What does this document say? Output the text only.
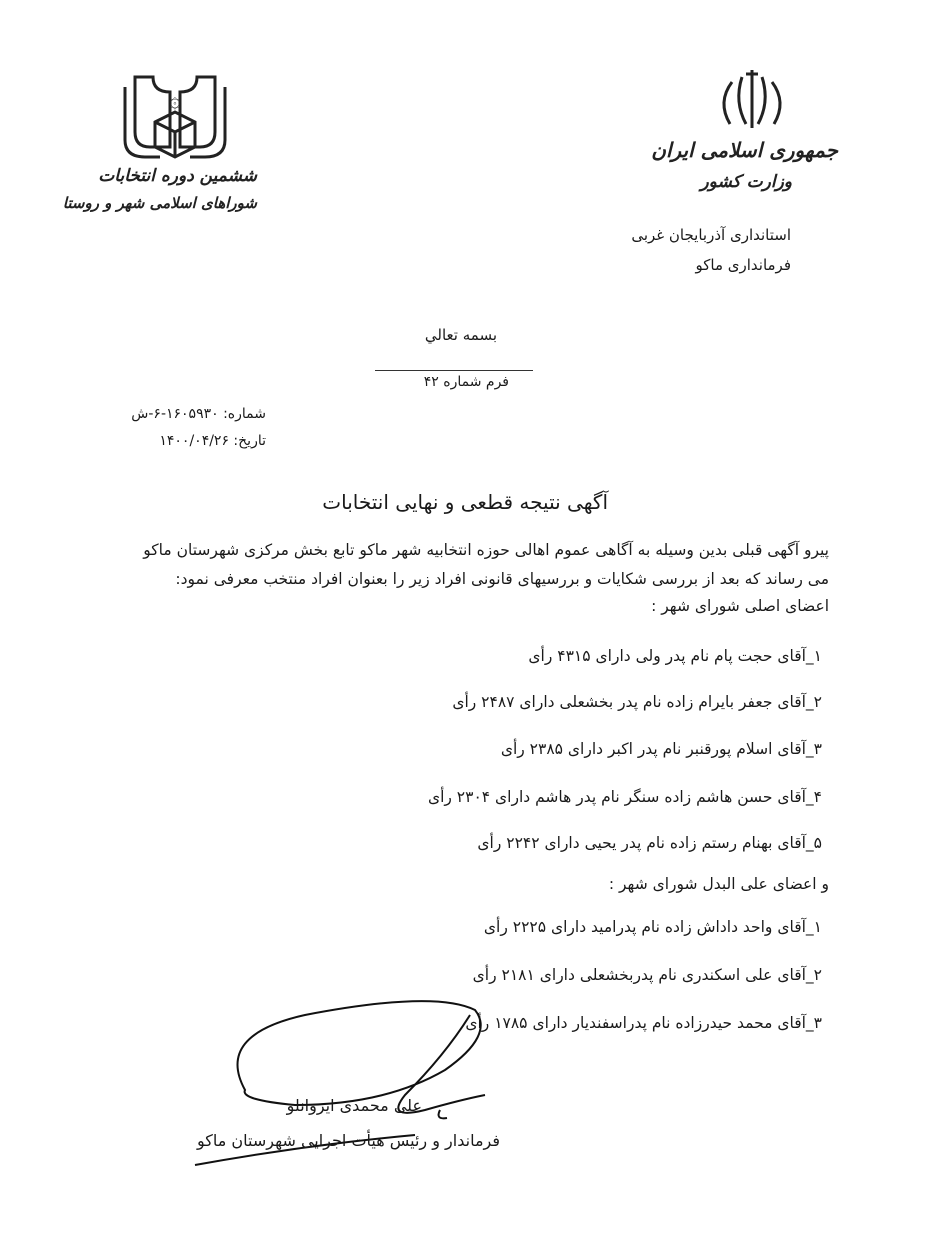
۞
ششمین دوره انتخابات
شوراهای اسلامی شهر و روستا
جمهوری اسلامی ایران
وزارت کشور
استانداری آذربایجان غربی
فرمانداری ماکو
بسمه تعالي
فرم شماره ۴۲
شماره: ۱۶۰۵۹۳۰-۶-ش
تاریخ: ۱۴۰۰/۰۴/۲۶
آگهی نتیجه قطعی و نهایی انتخابات
پیرو آگهی قبلی بدین وسیله به آگاهی عموم اهالی حوزه انتخابیه شهر ماکو تابع بخش مرکزی شهرستان ماکو
می رساند که بعد از بررسی شکایات و بررسیهای قانونی افراد زیر را بعنوان افراد منتخب معرفی نمود:
اعضای اصلی شورای شهر :
۱_آقای حجت پام نام پدر ولی دارای ۴۳۱۵ رأی
۲_آقای جعفر بایرام زاده نام پدر بخشعلی دارای ۲۴۸۷ رأی
۳_آقای اسلام پورقنبر نام پدر اکبر دارای ۲۳۸۵ رأی
۴_آقای حسن هاشم زاده سنگر نام پدر هاشم دارای ۲۳۰۴ رأی
۵_آقای بهنام رستم زاده نام پدر یحیی دارای ۲۲۴۲ رأی
و اعضای علی البدل شورای شهر :
۱_آقای واحد داداش زاده نام پدرامید دارای ۲۲۲۵ رأی
۲_آقای علی اسکندری نام پدربخشعلی دارای ۲۱۸۱ رأی
۳_آقای محمد حیدرزاده نام پدراسفندیار دارای ۱۷۸۵ رأی
علی محمدی ایروانلو
فرماندار و رئیس هیأت اجرایی شهرستان ماکو
